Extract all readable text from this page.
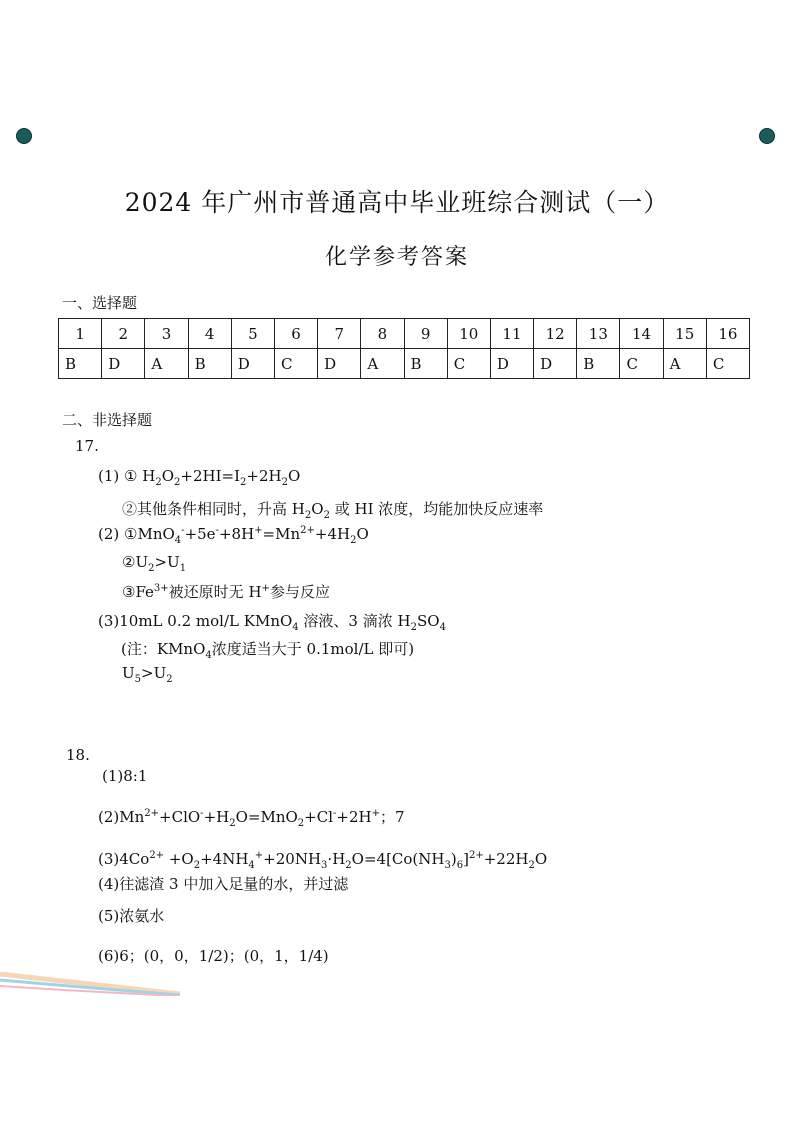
2024 年广州市普通高中毕业班综合测试（一）
化学参考答案
一、选择题
1	2	3	4	5	6	7	8	9	10	11	12	13	14	15	16
B	D	A	B	D	C	D	A	B	C	D	D	B	C	A	C
二、非选择题
17.
(1) ① $H_2O_2+2HI=I_2+2H_2O$
②其他条件相同时，升高 $H_2O_2$ 或 HI 浓度，均能加快反应速率
(2) $①MnO_4^-+5e^-+8H^+=Mn^{2+}+4H_2O$
$②U_2>U_1$
$③Fe^{3+}$被还原时无 H+参与反应
(3)10mL 0.2 mol/L KMnO$_4$ 溶液、3 滴浓 $H_2SO_4$
(注：KMnO$_4$浓度适当大于 0.1mol/L 即可)
$U_5>U_2$
18.
(1)8:1
$(2)Mn^{2+}+ClO^-+H_2O=MnO_2+Cl^-+2H^+$；7
$(3)4Co^{2+} +O_2+4NH_4^++20NH_3\cdot H_2O=4[Co(NH_3)_6]^{2+}+22H_2O$
(4)往滤渣 3 中加入足量的水，并过滤
(5)浓氨水
(6)6；(0，0，1/2)；(0，1，1/4)
